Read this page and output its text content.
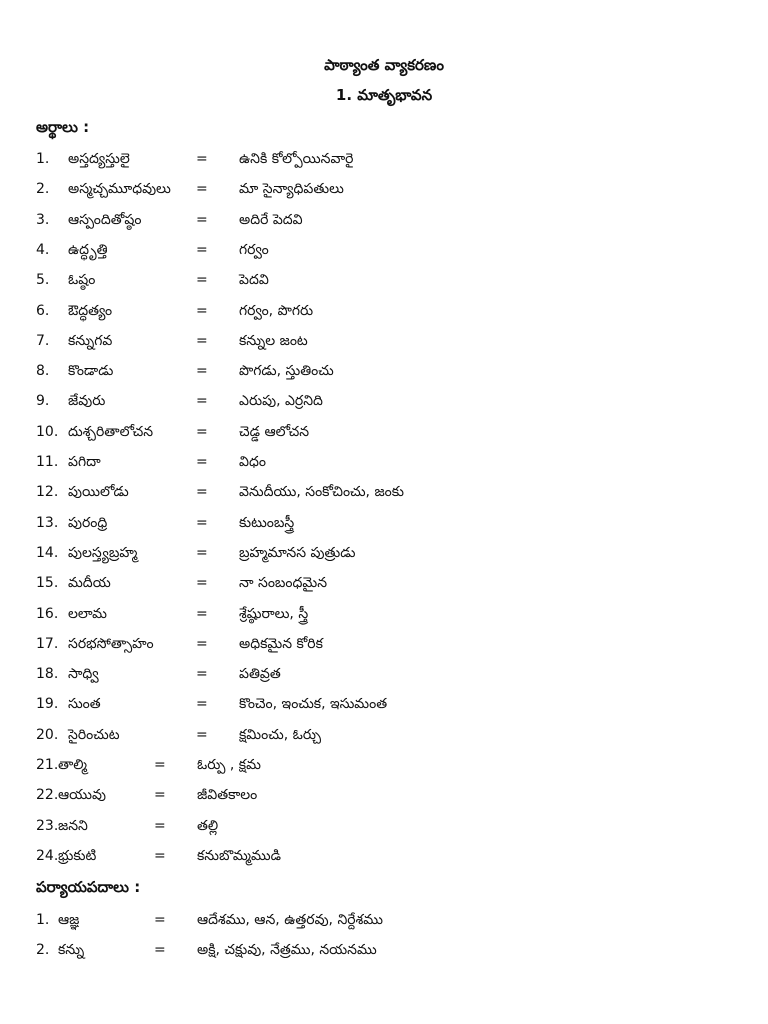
పాఠ్యాంత వ్యాకరణం
1. మాతృభావన
అర్థాలు :
1. అస్తద్యస్తులై	= ఉనికి కోల్పోయినవారై
2. అస్మచ్చమూధవులు = మా సైన్యాధిపతులు
3. ఆస్పందితోష్ఠం	= అదిరే పెదవి
4. ఉద్ధృత్తి	= గర్వం
5. ఓష్ఠం	= పెదవి
6. ఔద్ధత్యం	= గర్వం, పొగరు
7. కన్నుగవ	= కన్నుల జంట
8. కొండాడు	= పొగడు, స్తుతించు
9. జేవురు	= ఎరుపు, ఎర్రనిది
10. దుశ్చరితాలోచన	= చెడ్డ ఆలోచన
11. పగిదా	= విధం
12. పుయిలోడు	= వెనుదీయు, సంకోచించు, జంకు
13. పురంధ్రి	= కుటుంబస్త్రీ
14. పులస్త్యబ్రహ్మ	= బ్రహ్మమానస పుత్రుడు
15. మదీయ	= నా సంబంధమైన
16. లలామ	= శ్రేష్ఠురాలు, స్త్రీ
17. సరభసోత్సాహం	= అధికమైన కోరిక
18. సాధ్వి	= పతివ్రత
19. సుంత	= కొంచెం, ఇంచుక, ఇసుమంత
20. సైరించుట	= క్షమించు, ఓర్చు
21. తాల్మి	= ఓర్పు , క్షమ
22. ఆయువు	= జీవితకాలం
23. జనని	= తల్లి
24. భ్రుకుటి	= కనుబొమ్మముడి
పర్యాయపదాలు :
1. ఆజ్ఞ	= ఆదేశము, ఆన, ఉత్తరవు, నిర్దేశము
2. కన్ను	= అక్షి, చక్షువు, నేత్రము, నయనము
